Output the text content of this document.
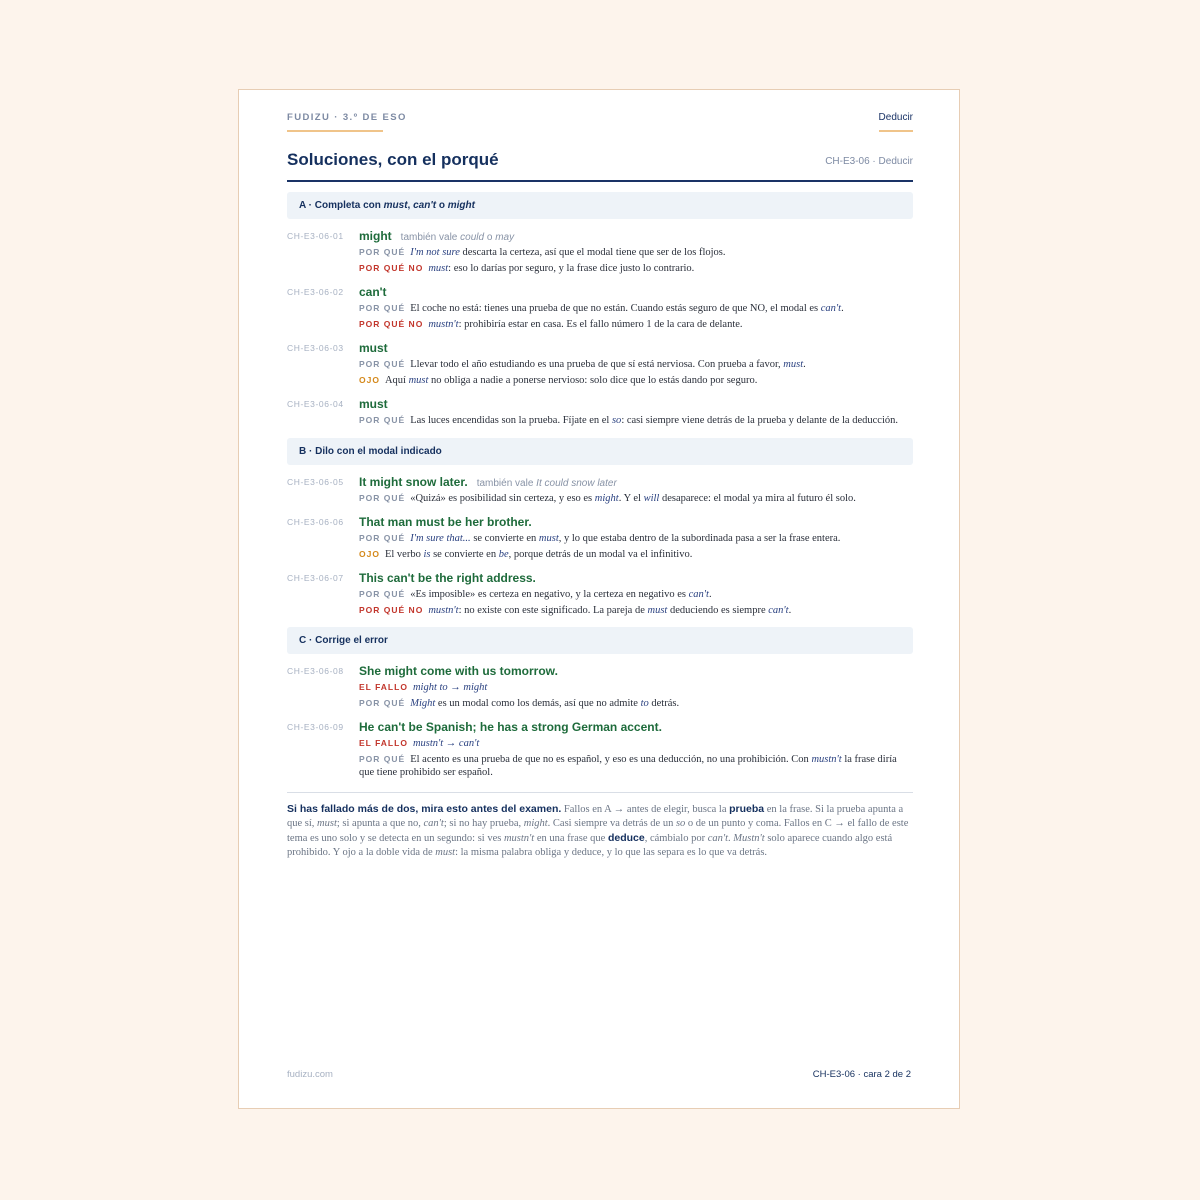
FUDIZU · 3.º DE ESO	Deducir
Soluciones, con el porqué	CH-E3-06 · Deducir
A · Completa con must, can't o might
CH-E3-06-01 might también vale could o may
POR QUÉ I'm not sure descarta la certeza, así que el modal tiene que ser de los flojos.
POR QUÉ NO must: eso lo darías por seguro, y la frase dice justo lo contrario.
CH-E3-06-02 can't
POR QUÉ El coche no está: tienes una prueba de que no están. Cuando estás seguro de que NO, el modal es can't.
POR QUÉ NO mustn't: prohibiría estar en casa. Es el fallo número 1 de la cara de delante.
CH-E3-06-03 must
POR QUÉ Llevar todo el año estudiando es una prueba de que sí está nerviosa. Con prueba a favor, must.
OJO Aquí must no obliga a nadie a ponerse nervioso: solo dice que lo estás dando por seguro.
CH-E3-06-04 must
POR QUÉ Las luces encendidas son la prueba. Fíjate en el so: casi siempre viene detrás de la prueba y delante de la deducción.
B · Dilo con el modal indicado
CH-E3-06-05 It might snow later. también vale It could snow later
POR QUÉ «Quizá» es posibilidad sin certeza, y eso es might. Y el will desaparece: el modal ya mira al futuro él solo.
CH-E3-06-06 That man must be her brother.
POR QUÉ I'm sure that... se convierte en must, y lo que estaba dentro de la subordinada pasa a ser la frase entera.
OJO El verbo is se convierte en be, porque detrás de un modal va el infinitivo.
CH-E3-06-07 This can't be the right address.
POR QUÉ «Es imposible» es certeza en negativo, y la certeza en negativo es can't.
POR QUÉ NO mustn't: no existe con este significado. La pareja de must deduciendo es siempre can't.
C · Corrige el error
CH-E3-06-08 She might come with us tomorrow.
EL FALLO might to → might
POR QUÉ Might es un modal como los demás, así que no admite to detrás.
CH-E3-06-09 He can't be Spanish; he has a strong German accent.
EL FALLO mustn't → can't
POR QUÉ El acento es una prueba de que no es español, y eso es una deducción, no una prohibición. Con mustn't la frase diría que tiene prohibido ser español.
Si has fallado más de dos, mira esto antes del examen. Fallos en A → antes de elegir, busca la prueba en la frase. Si la prueba apunta a que sí, must; si apunta a que no, can't; si no hay prueba, might. Casi siempre va detrás de un so o de un punto y coma. Fallos en C → el fallo de este tema es uno solo y se detecta en un segundo: si ves mustn't en una frase que deduce, cámbialo por can't. Mustn't solo aparece cuando algo está prohibido. Y ojo a la doble vida de must: la misma palabra obliga y deduce, y lo que las separa es lo que va detrás.
fudizu.com	CH-E3-06 · cara 2 de 2
